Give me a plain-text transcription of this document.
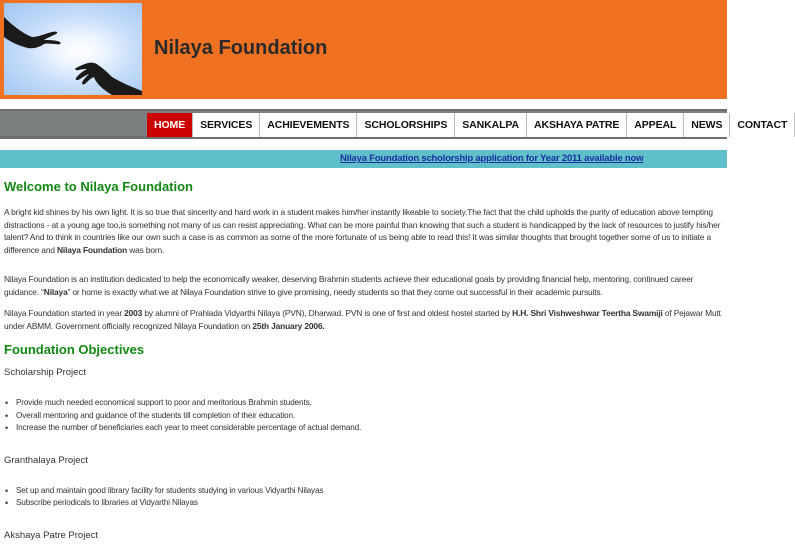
Nilaya Foundation
HOME	SERVICES	ACHIEVEMENTS	SCHOLORSHIPS	SANKALPA	AKSHAYA PATRE	APPEAL	NEWS	CONTACT
Nilaya Foundation scholorship application for Year 2011 available now
Welcome to Nilaya Foundation

A bright kid shines by his own light. It is so true that sincerity and hard work in a student makes him/her instantly likeable to society.The fact that the child upholds the purity of education above tempting distractions - at a young age too,is something not many of us can resist appreciating. What can be more painful than knowing that such a student is handicapped by the lack of resources to justify his/her talent? And to think in countries like our own such a case is as common as some of the more fortunate of us being able to read this! It was similar thoughts that brought together some of us to initiate a difference and Nilaya Foundation was born.

Nilaya Foundation is an institution dedicated to help the economically weaker, deserving Brahmin students achieve their educational goals by providing financial help, mentoring, continued career guidance. “Nilaya” or home is exactly what we at Nilaya Foundation strive to give promising, needy students so that they come out successful in their academic pursuits.

Nilaya Foundation started in year 2003 by alumni of Prahlada Vidyarthi Nilaya (PVN), Dharwad. PVN is one of first and oldest hostel started by H.H. Shri Vishweshwar Teertha Swamiji of Pejawar Mutt under ABMM. Government officially recognized Nilaya Foundation on 25th January 2006.

Foundation Objectives
Scholarship Project
• Provide much needed economical support to poor and meritorious Brahmin students.
• Overall mentoring and guidance of the students till completion of their education.
• Increase the number of beneficiaries each year to meet considerable percentage of actual demand.
Granthalaya Project
• Set up and maintain good library facility for students studying in various Vidyarthi Nilayas
• Subscribe periodicals to libraries at Vidyarthi Nilayas
Akshaya Patre Project
